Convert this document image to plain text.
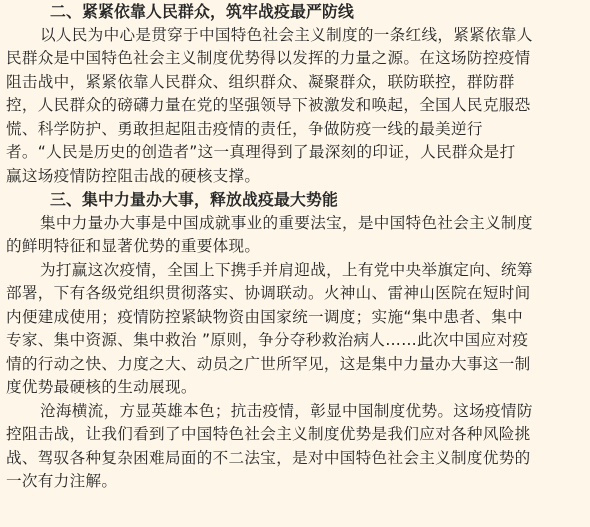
二、紧紧依靠人民群众，筑牢战疫最严防线
以人民为中心是贯穿于中国特色社会主义制度的一条红线，紧紧依靠人
民群众是中国特色社会主义制度优势得以发挥的力量之源。在这场防控疫情
阻击战中，紧紧依靠人民群众、组织群众、凝聚群众，联防联控，群防群
控，人民群众的磅礴力量在党的坚强领导下被激发和唤起，全国人民克服恐
慌、科学防护、勇敢担起阻击疫情的责任，争做防疫一线的最美逆行
者。“人民是历史的创造者”这一真理得到了最深刻的印证，人民群众是打
赢这场疫情防控阻击战的硬核支撑。
三、集中力量办大事，释放战疫最大势能
集中力量办大事是中国成就事业的重要法宝，是中国特色社会主义制度
的鲜明特征和显著优势的重要体现。
为打赢这次疫情，全国上下携手并肩迎战，上有党中央举旗定向、统筹
部署，下有各级党组织贯彻落实、协调联动。火神山、雷神山医院在短时间
内便建成使用；疫情防控紧缺物资由国家统一调度；实施“集中患者、集中
专家、集中资源、集中救治 ”原则，争分夺秒救治病人……此次中国应对疫
情的行动之快、力度之大、动员之广世所罕见，这是集中力量办大事这一制
度优势最硬核的生动展现。
沧海横流，方显英雄本色；抗击疫情，彰显中国制度优势。这场疫情防
控阻击战，让我们看到了中国特色社会主义制度优势是我们应对各种风险挑
战、驾驭各种复杂困难局面的不二法宝，是对中国特色社会主义制度优势的
一次有力注解。
